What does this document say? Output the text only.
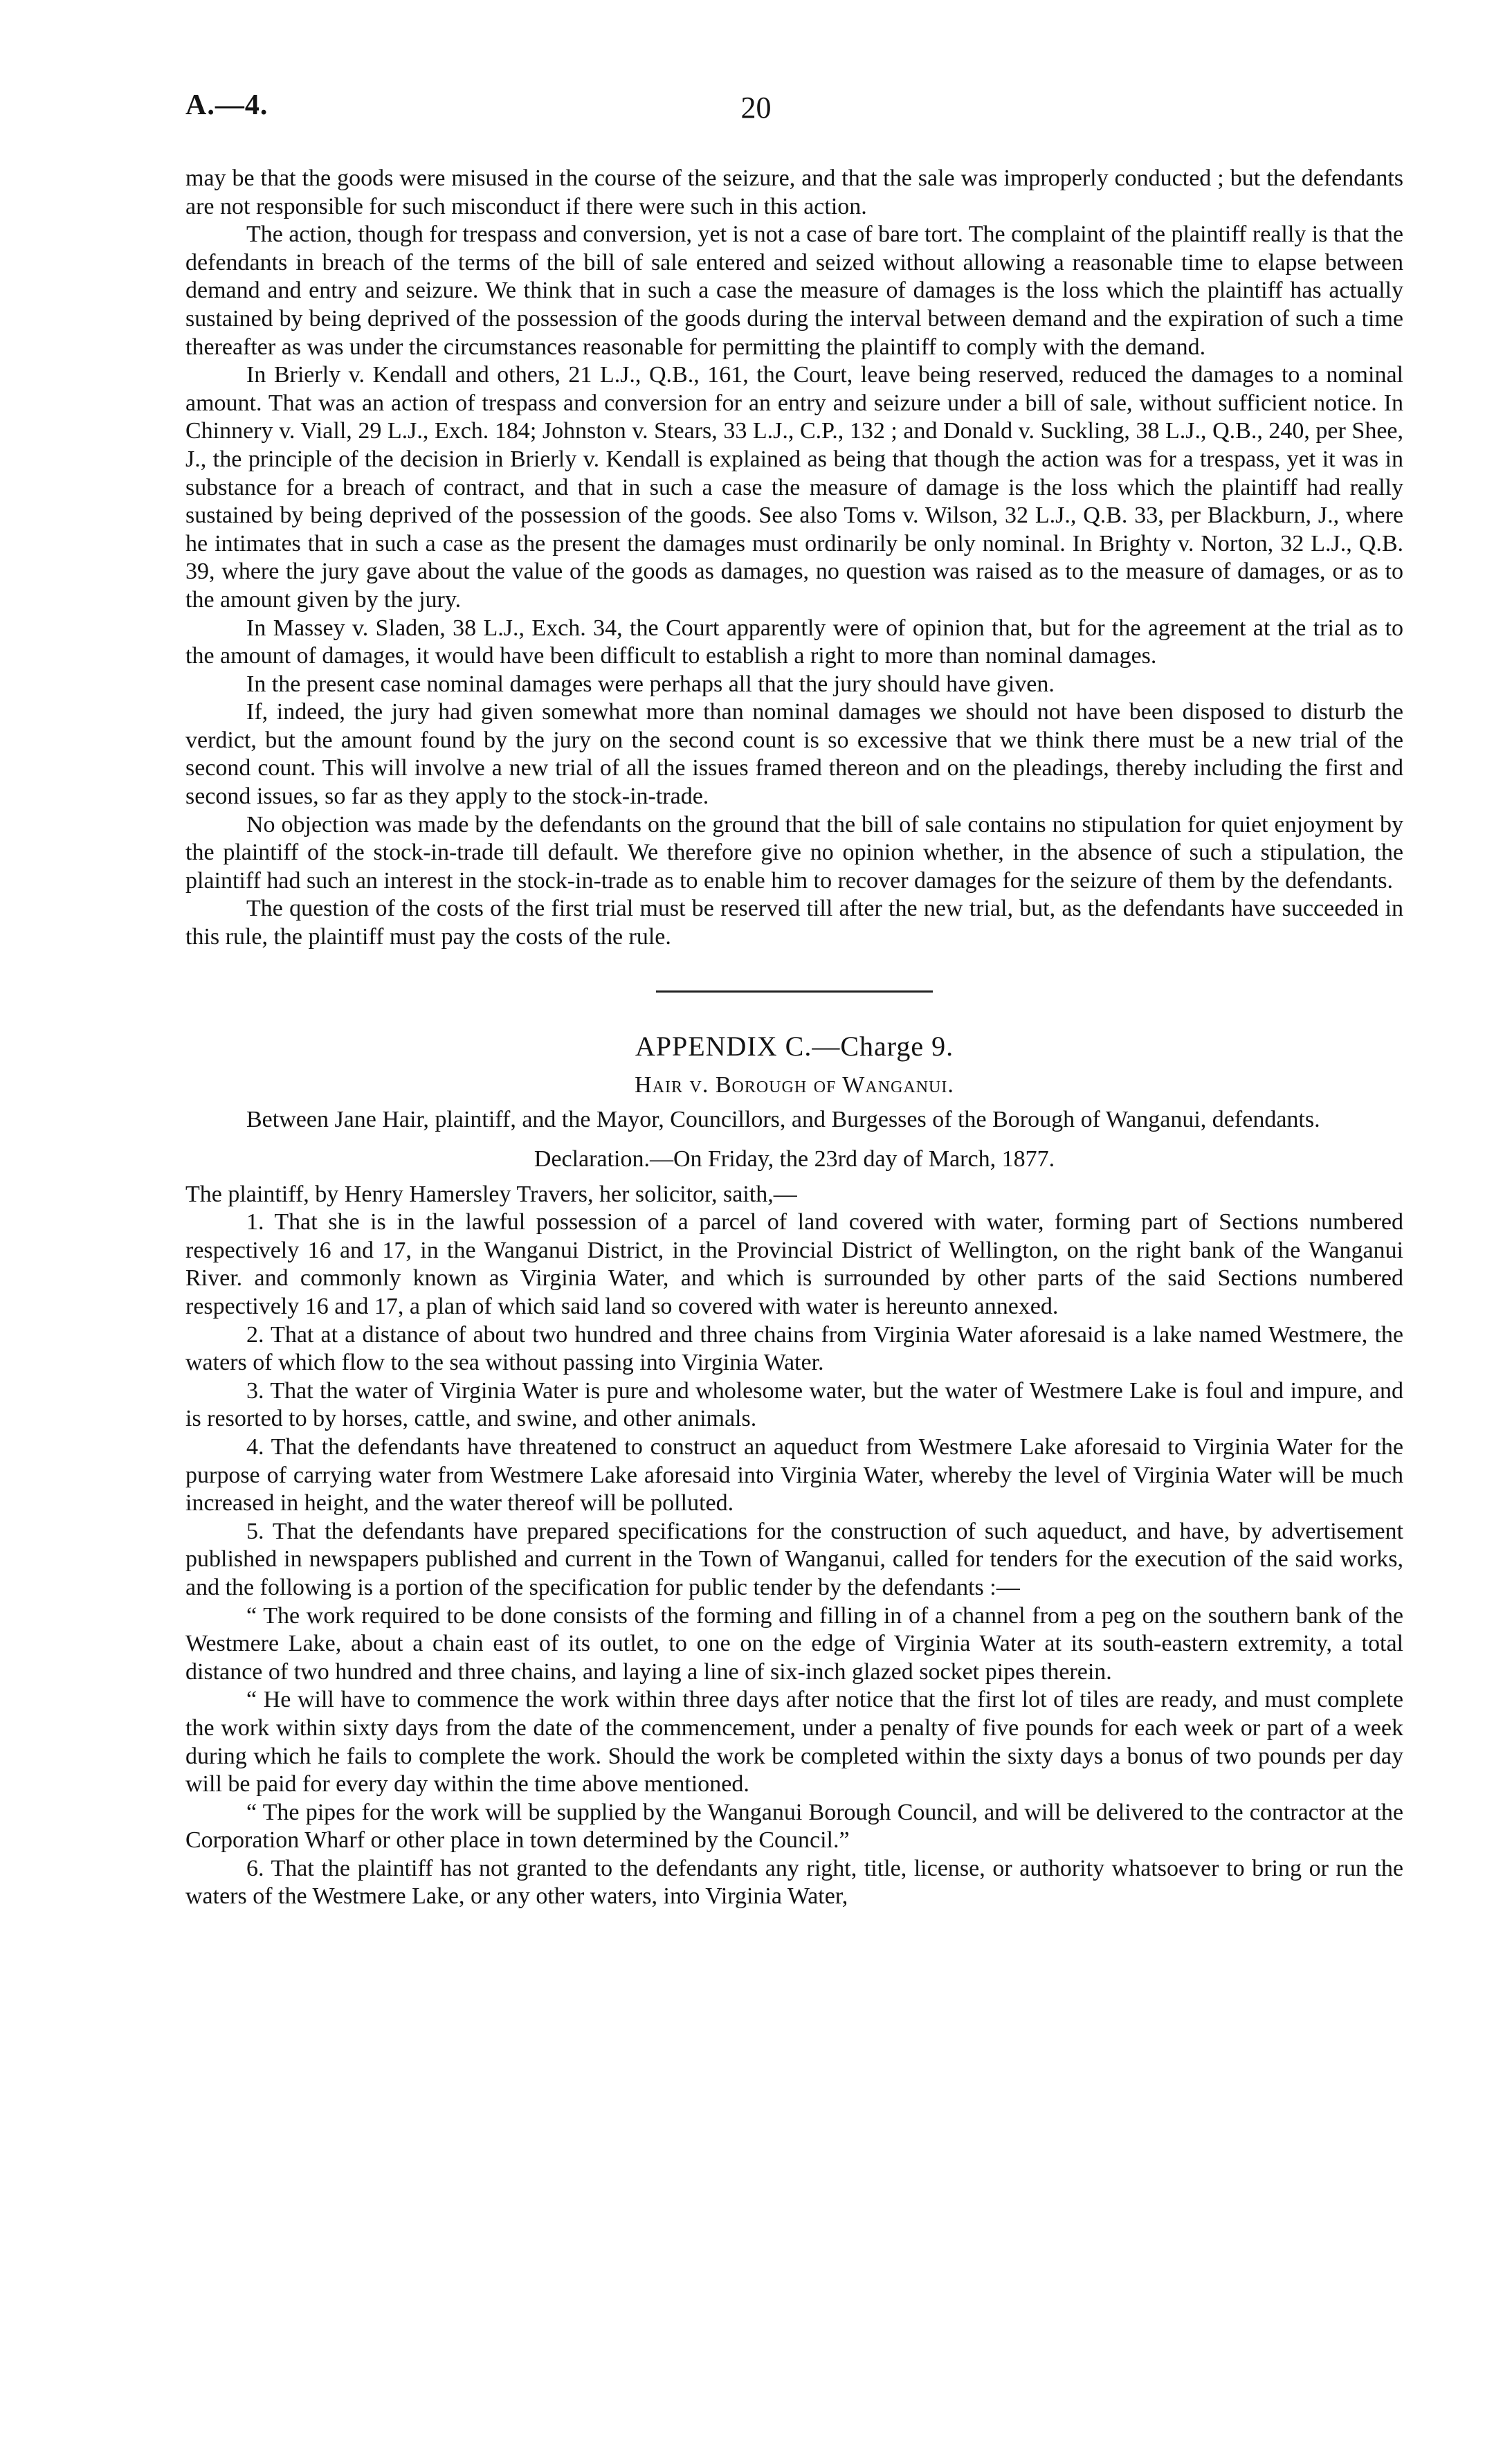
A.—4.	20

may be that the goods were misused in the course of the seizure, and that the sale was improperly conducted ; but the defendants are not responsible for such misconduct if there were such in this action.

The action, though for trespass and conversion, yet is not a case of bare tort. The complaint of the plaintiff really is that the defendants in breach of the terms of the bill of sale entered and seized without allowing a reasonable time to elapse between demand and entry and seizure. We think that in such a case the measure of damages is the loss which the plaintiff has actually sustained by being deprived of the possession of the goods during the interval between demand and the expiration of such a time thereafter as was under the circumstances reasonable for permitting the plaintiff to comply with the demand.

In Brierly v. Kendall and others, 21 L.J., Q.B., 161, the Court, leave being reserved, reduced the damages to a nominal amount. That was an action of trespass and conversion for an entry and seizure under a bill of sale, without sufficient notice. In Chinnery v. Viall, 29 L.J., Exch. 184; Johnston v. Stears, 33 L.J., C.P., 132 ; and Donald v. Suckling, 38 L.J., Q.B., 240, per Shee, J., the principle of the decision in Brierly v. Kendall is explained as being that though the action was for a trespass, yet it was in substance for a breach of contract, and that in such a case the measure of damage is the loss which the plaintiff had really sustained by being deprived of the possession of the goods. See also Toms v. Wilson, 32 L.J., Q.B. 33, per Blackburn, J., where he intimates that in such a case as the present the damages must ordinarily be only nominal. In Brighty v. Norton, 32 L.J., Q.B. 39, where the jury gave about the value of the goods as damages, no question was raised as to the measure of damages, or as to the amount given by the jury.

In Massey v. Sladen, 38 L.J., Exch. 34, the Court apparently were of opinion that, but for the agreement at the trial as to the amount of damages, it would have been difficult to establish a right to more than nominal damages.

In the present case nominal damages were perhaps all that the jury should have given.

If, indeed, the jury had given somewhat more than nominal damages we should not have been disposed to disturb the verdict, but the amount found by the jury on the second count is so excessive that we think there must be a new trial of the second count. This will involve a new trial of all the issues framed thereon and on the pleadings, thereby including the first and second issues, so far as they apply to the stock-in-trade.

No objection was made by the defendants on the ground that the bill of sale contains no stipulation for quiet enjoyment by the plaintiff of the stock-in-trade till default. We therefore give no opinion whether, in the absence of such a stipulation, the plaintiff had such an interest in the stock-in-trade as to enable him to recover damages for the seizure of them by the defendants.

The question of the costs of the first trial must be reserved till after the new trial, but, as the defendants have succeeded in this rule, the plaintiff must pay the costs of the rule.

APPENDIX C.—Charge 9.
Hair v. Borough of Wanganui.
Between Jane Hair, plaintiff, and the Mayor, Councillors, and Burgesses of the Borough of Wanganui, defendants.
Declaration.—On Friday, the 23rd day of March, 1877.

The plaintiff, by Henry Hamersley Travers, her solicitor, saith,—

1. That she is in the lawful possession of a parcel of land covered with water, forming part of Sections numbered respectively 16 and 17, in the Wanganui District, in the Provincial District of Wellington, on the right bank of the Wanganui River. and commonly known as Virginia Water, and which is surrounded by other parts of the said Sections numbered respectively 16 and 17, a plan of which said land so covered with water is hereunto annexed.

2. That at a distance of about two hundred and three chains from Virginia Water aforesaid is a lake named Westmere, the waters of which flow to the sea without passing into Virginia Water.

3. That the water of Virginia Water is pure and wholesome water, but the water of Westmere Lake is foul and impure, and is resorted to by horses, cattle, and swine, and other animals.

4. That the defendants have threatened to construct an aqueduct from Westmere Lake aforesaid to Virginia Water for the purpose of carrying water from Westmere Lake aforesaid into Virginia Water, whereby the level of Virginia Water will be much increased in height, and the water thereof will be polluted.

5. That the defendants have prepared specifications for the construction of such aqueduct, and have, by advertisement published in newspapers published and current in the Town of Wanganui, called for tenders for the execution of the said works, and the following is a portion of the specification for public tender by the defendants :—

“ The work required to be done consists of the forming and filling in of a channel from a peg on the southern bank of the Westmere Lake, about a chain east of its outlet, to one on the edge of Virginia Water at its south-eastern extremity, a total distance of two hundred and three chains, and laying a line of six-inch glazed socket pipes therein.

“ He will have to commence the work within three days after notice that the first lot of tiles are ready, and must complete the work within sixty days from the date of the commencement, under a penalty of five pounds for each week or part of a week during which he fails to complete the work. Should the work be completed within the sixty days a bonus of two pounds per day will be paid for every day within the time above mentioned.

“ The pipes for the work will be supplied by the Wanganui Borough Council, and will be delivered to the contractor at the Corporation Wharf or other place in town determined by the Council.”

6. That the plaintiff has not granted to the defendants any right, title, license, or authority whatsoever to bring or run the waters of the Westmere Lake, or any other waters, into Virginia Water,
